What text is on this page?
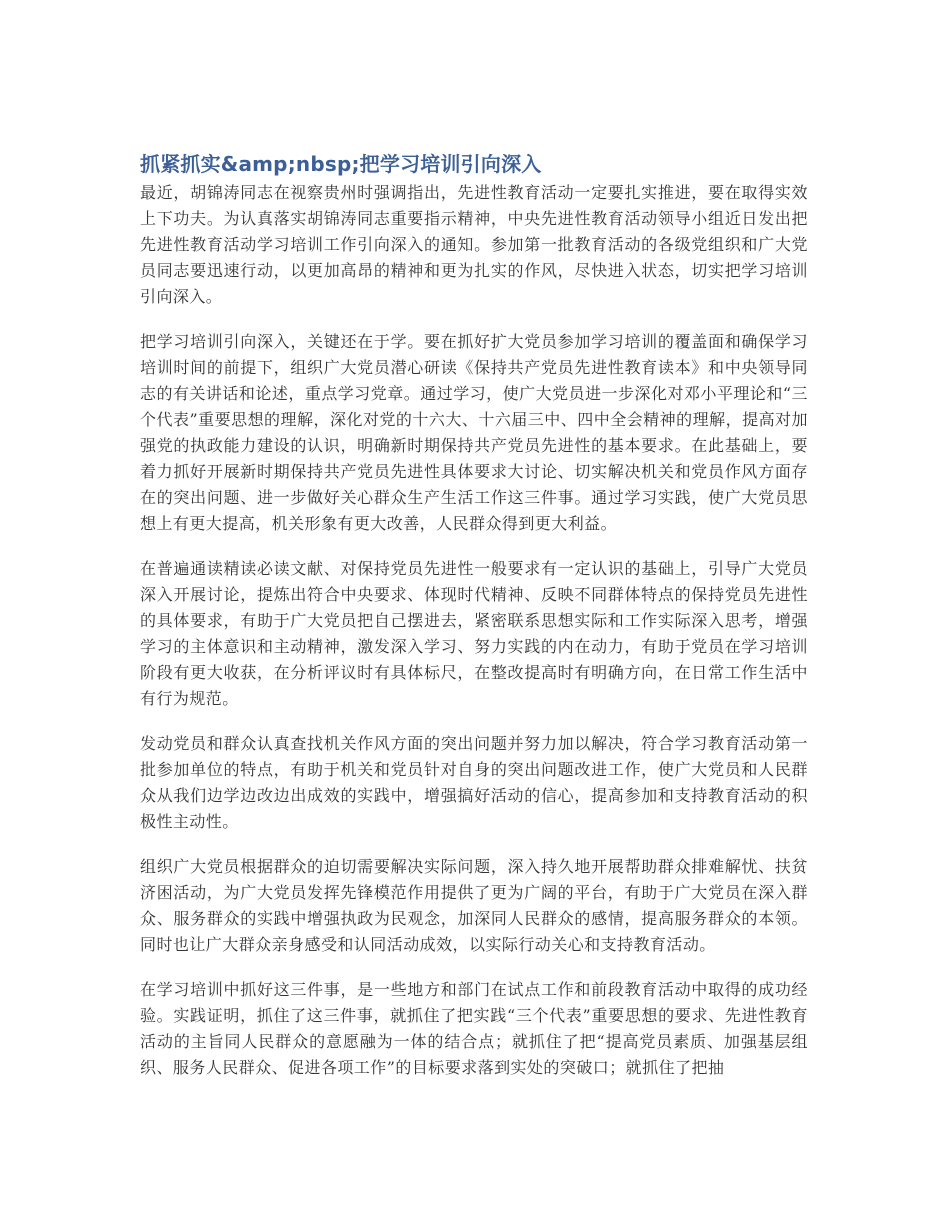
抓紧抓实&amp;nbsp;把学习培训引向深入

最近，胡锦涛同志在视察贵州时强调指出，先进性教育活动一定要扎实推进，要在取得实效上下功夫。为认真落实胡锦涛同志重要指示精神，中央先进性教育活动领导小组近日发出把先进性教育活动学习培训工作引向深入的通知。参加第一批教育活动的各级党组织和广大党员同志要迅速行动，以更加高昂的精神和更为扎实的作风，尽快进入状态，切实把学习培训引向深入。

把学习培训引向深入，关键还在于学。要在抓好扩大党员参加学习培训的覆盖面和确保学习培训时间的前提下，组织广大党员潜心研读《保持共产党员先进性教育读本》和中央领导同志的有关讲话和论述，重点学习党章。通过学习，使广大党员进一步深化对邓小平理论和“三个代表”重要思想的理解，深化对党的十六大、十六届三中、四中全会精神的理解，提高对加强党的执政能力建设的认识，明确新时期保持共产党员先进性的基本要求。在此基础上，要着力抓好开展新时期保持共产党员先进性具体要求大讨论、切实解决机关和党员作风方面存在的突出问题、进一步做好关心群众生产生活工作这三件事。通过学习实践，使广大党员思想上有更大提高，机关形象有更大改善，人民群众得到更大利益。

在普遍通读精读必读文献、对保持党员先进性一般要求有一定认识的基础上，引导广大党员深入开展讨论，提炼出符合中央要求、体现时代精神、反映不同群体特点的保持党员先进性的具体要求，有助于广大党员把自己摆进去，紧密联系思想实际和工作实际深入思考，增强学习的主体意识和主动精神，激发深入学习、努力实践的内在动力，有助于党员在学习培训阶段有更大收获，在分析评议时有具体标尺，在整改提高时有明确方向，在日常工作生活中有行为规范。

发动党员和群众认真查找机关作风方面的突出问题并努力加以解决，符合学习教育活动第一批参加单位的特点，有助于机关和党员针对自身的突出问题改进工作，使广大党员和人民群众从我们边学边改边出成效的实践中，增强搞好活动的信心，提高参加和支持教育活动的积极性主动性。

组织广大党员根据群众的迫切需要解决实际问题，深入持久地开展帮助群众排难解忧、扶贫济困活动，为广大党员发挥先锋模范作用提供了更为广阔的平台，有助于广大党员在深入群众、服务群众的实践中增强执政为民观念，加深同人民群众的感情，提高服务群众的本领。同时也让广大群众亲身感受和认同活动成效，以实际行动关心和支持教育活动。

在学习培训中抓好这三件事，是一些地方和部门在试点工作和前段教育活动中取得的成功经验。实践证明，抓住了这三件事，就抓住了把实践“三个代表”重要思想的要求、先进性教育活动的主旨同人民群众的意愿融为一体的结合点；就抓住了把“提高党员素质、加强基层组织、服务人民群众、促进各项工作”的目标要求落到实处的突破口；就抓住了把抽
